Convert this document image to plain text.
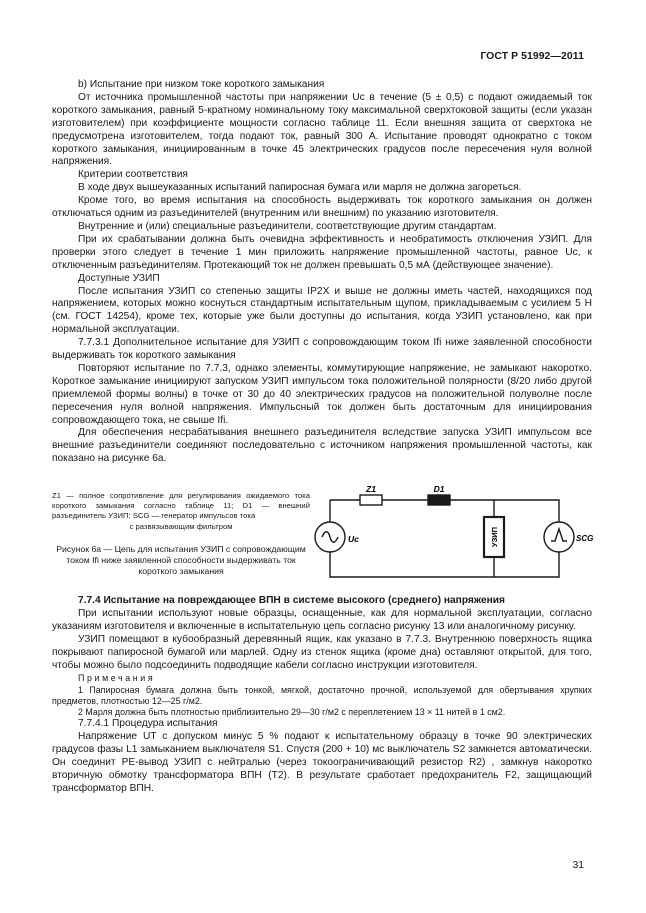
ГОСТ Р 51992—2011

b) Испытание при низком токе короткого замыкания

От источника промышленной частоты при напряжении Uc в течение (5 ± 0,5) с подают ожидаемый ток короткого замыкания, равный 5-кратному номинальному току максимальной сверхтоковой защиты (если указан изготовителем) при коэффициенте мощности согласно таблице 11. Если внешняя защита от сверхтока не предусмотрена изготовителем, тогда подают ток, равный 300 А. Испытание проводят однократно с током короткого замыкания, инициированным в точке 45 электрических градусов после пересечения нуля волной напряжения.

Критерии соответствия

В ходе двух вышеуказанных испытаний папиросная бумага или марля не должна загореться.

Кроме того, во время испытания на способность выдерживать ток короткого замыкания он должен отключаться одним из разъединителей (внутренним или внешним) по указанию изготовителя.

Внутренние и (или) специальные разъединители, соответствующие другим стандартам.

При их срабатывании должна быть очевидна эффективность и необратимость отключения УЗИП. Для проверки этого следует в течение 1 мин приложить напряжение промышленной частоты, равное Uc, к отключенным разъединителям. Протекающий ток не должен превышать 0,5 мА (действующее значение).

Доступные УЗИП

После испытания УЗИП со степенью защиты IP2X и выше не должны иметь частей, находящихся под напряжением, которых можно коснуться стандартным испытательным щупом, прикладываемым с усилием 5 Н (см. ГОСТ 14254), кроме тех, которые уже были доступны до испытания, когда УЗИП установлено, как при нормальной эксплуатации.

7.7.3.1 Дополнительное испытание для УЗИП с сопровождающим током Ifi ниже заявленной способности выдерживать ток короткого замыкания

Повторяют испытание по 7.7.3, однако элементы, коммутирующие напряжение, не замыкают накоротко. Короткое замыкание инициируют запуском УЗИП импульсом тока положительной полярности (8/20 либо другой приемлемой формы волны) в точке от 30 до 40 электрических градусов на положительной полуволне после пересечения нуля волной напряжения. Импульсный ток должен быть достаточным для инициирования сопровождающего тока, не свыше Ifi.

Для обеспечения несрабатывания внешнего разъединителя вследствие запуска УЗИП импульсом все внешние разъединители соединяют последовательно с источником напряжения промышленной частоты, как показано на рисунке 6а.

Z1 — полное сопротивление для регулирования ожидаемого тока короткого замыкания согласно таблице 11; D1 — внешний разъединитель УЗИП; SCG — генератор импульсов тока
с развязывающим фильтром
Рисунок 6а — Цепь для испытания УЗИП с сопровождающим током Ifi ниже заявленной способности выдерживать ток короткого замыкания
Z1	D1
Uc	УЗИП	SCG

7.7.4 Испытание на повреждающее ВПН в системе высокого (среднего) напряжения

При испытании используют новые образцы, оснащенные, как для нормальной эксплуатации, согласно указаниям изготовителя и включенные в испытательную цепь согласно рисунку 13 или аналогичному рисунку.

УЗИП помещают в кубообразный деревянный ящик, как указано в 7.7.3. Внутреннюю поверхность ящика покрывают папиросной бумагой или марлей. Одну из стенок ящика (кроме дна) оставляют открытой, для того, чтобы можно было подсоединить подводящие кабели согласно инструкции изготовителя.

Примечания

1 Папиросная бумага должна быть тонкой, мягкой, достаточно прочной, используемой для обертывания хрупких предметов, плотностью 12—25 г/м2.

2 Марля должна быть плотностью приблизительно 29—30 г/м2 с переплетением 13 × 11 нитей в 1 см2.

7.7.4.1 Процедура испытания

Напряжение UT с допуском минус 5 % подают к испытательному образцу в точке 90 электрических градусов фазы L1 замыканием выключателя S1. Спустя (200 + 10) мс выключатель S2 замкнется автоматически. Он соединит РЕ-вывод УЗИП с нейтралью (через токоограничивающий резистор R2) , замкнув накоротко вторичную обмотку трансформатора ВПН (T2). В результате сработает предохранитель F2, защищающий трансформатор ВПН.

31
